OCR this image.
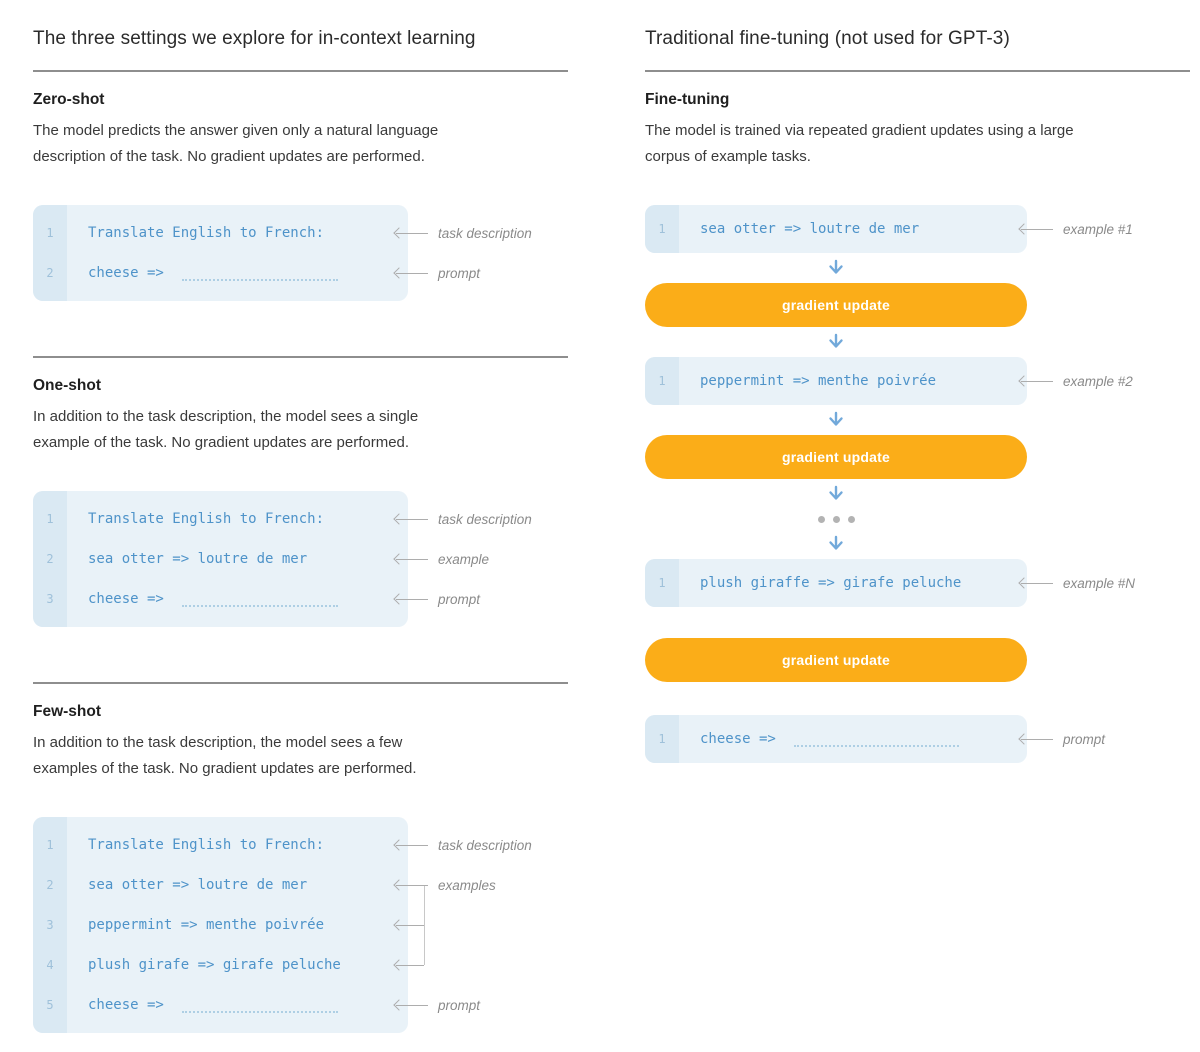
The three settings we explore for in-context learning
Zero-shot

The model predicts the answer given only a natural language description of the task. No gradient updates are performed.

1	Translate English to French:
2	cheese =>
task description
prompt
One-shot

In addition to the task description, the model sees a single example of the task. No gradient updates are performed.

1	Translate English to French:
2	sea otter => loutre de mer
3	cheese =>
task description
example
prompt
Few-shot

In addition to the task description, the model sees a few examples of the task. No gradient updates are performed.

1	Translate English to French:
2	sea otter => loutre de mer
3	peppermint => menthe poivrée
4	plush girafe => girafe peluche
5	cheese =>
task description
examples
prompt
Traditional fine-tuning (not used for GPT-3)
Fine-tuning

The model is trained via repeated gradient updates using a large corpus of example tasks.

1	sea otter => loutre de mer	example #1
gradient update
1	peppermint => menthe poivrée	example #2
gradient update
1	plush giraffe => girafe peluche	example #N
gradient update
1	cheese =>	prompt
